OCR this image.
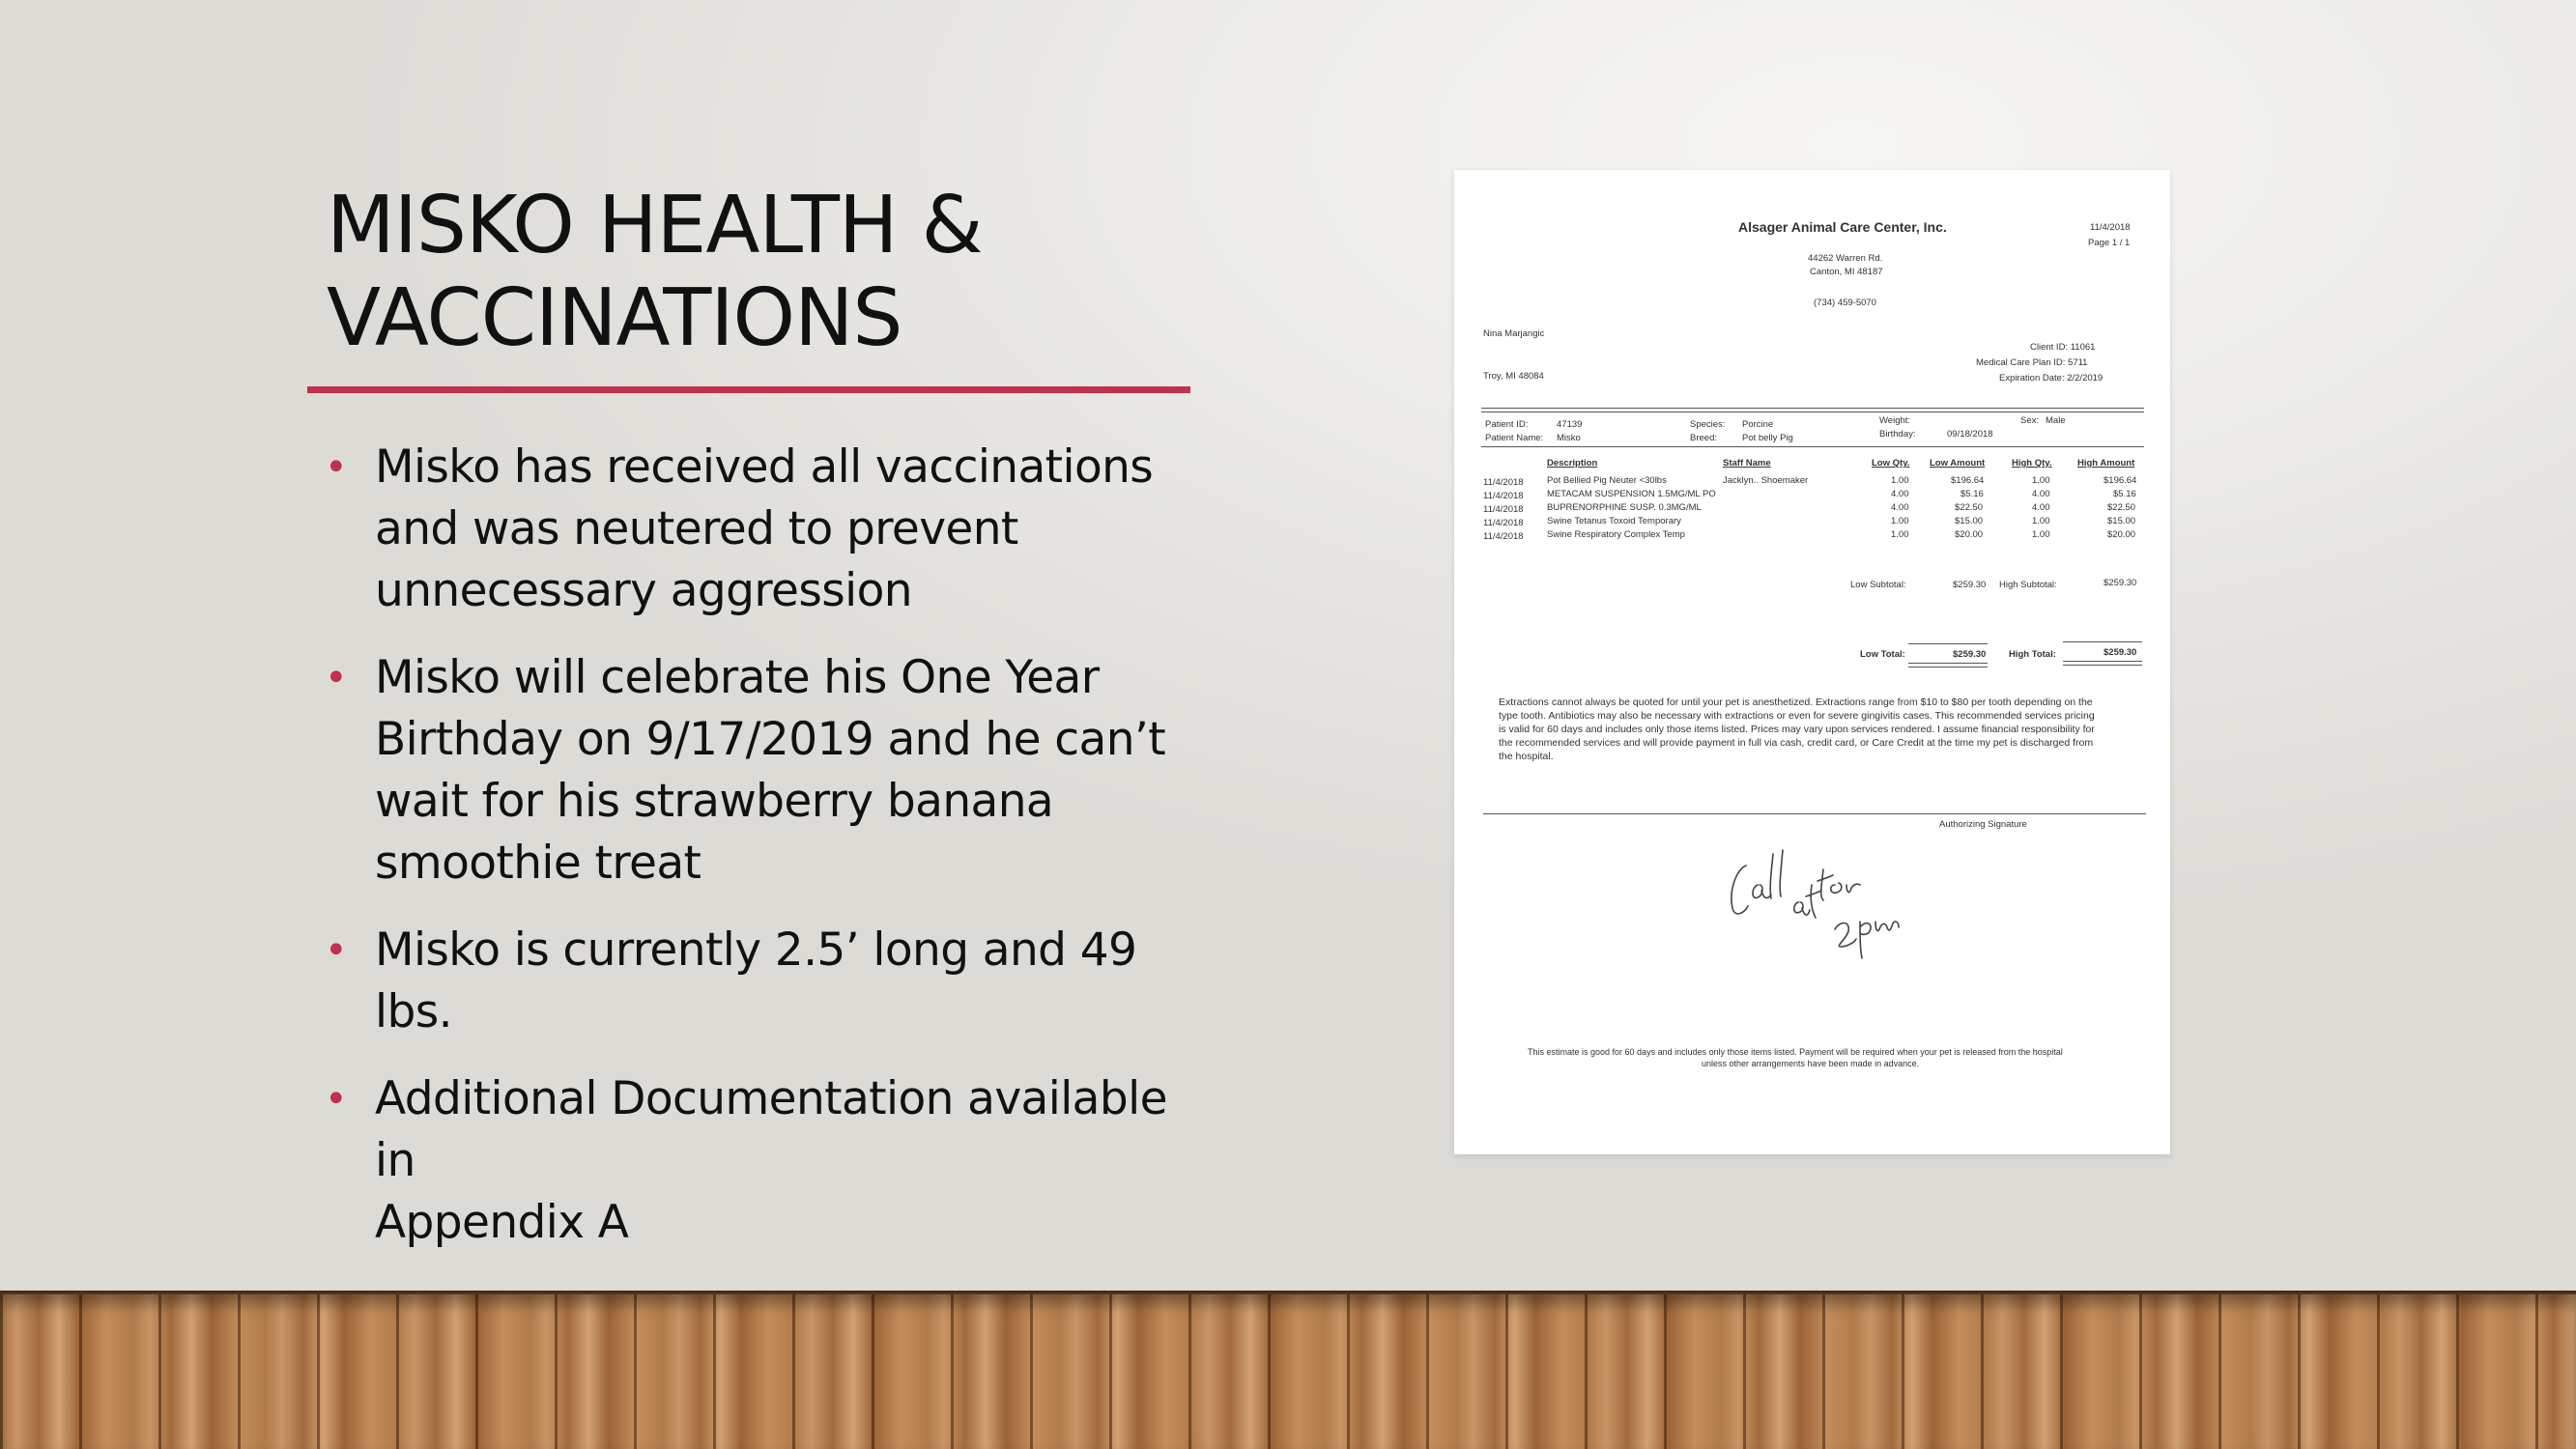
MISKO HEALTH &
VACCINATIONS
• Misko has received all vaccinations
and was neutered to prevent
unnecessary aggression
• Misko will celebrate his One Year
Birthday on 9/17/2019 and he can’t
wait for his strawberry banana
smoothie treat
• Misko is currently 2.5’ long and 49 lbs.
• Additional Documentation available in
Appendix A
Alsager Animal Care Center, Inc.	11/4/2018
Page 1 / 1
44262 Warren Rd.
Canton, MI 48187
(734) 459-5070
Nina Marjangic
Troy, MI 48084
Client ID: 11061
Medical Care Plan ID: 5711
Expiration Date: 2/2/2019
Patient ID:	47139
Patient Name: Misko
Species: Porcine
Breed:	Pot belly Pig
Weight:
Birthday:	09/18/2018
Sex: Male
Description	Staff Name	Low Qty. Low Amount	High Qty.	High Amount
11/4/2018	Pot Bellied Pig Neuter <30lbs	Jacklyn.. Shoemaker	1.00	$196.64	1.00	$196.64
11/4/2018	METACAM SUSPENSION 1.5MG/ML PO	4.00	$5.16	4.00	$5.16
11/4/2018	BUPRENORPHINE SUSP. 0.3MG/ML	4.00	$22.50	4.00	$22.50
11/4/2018	Swine Tetanus Toxoid Temporary	1.00	$15.00	1.00	$15.00
11/4/2018	Swine Respiratory Complex Temp	1.00	$20.00	1.00	$20.00
Low Subtotal:	$259.30 High Subtotal:	$259.30
Low Total:	$259.30 High Total:	$259.30
Extractions cannot always be quoted for until your pet is anesthetized. Extractions range from $10 to $80 per tooth depending on the type tooth. Antibiotics may also be necessary with extractions or even for severe gingivitis cases. This recommended services pricing is valid for 60 days and includes only those items listed. Prices may vary upon services rendered. I assume financial responsibility for the recommended services and will provide payment in full via cash, credit card, or Care Credit at the time my pet is discharged from the hospital.
Authorizing Signature
This estimate is good for 60 days and includes only those items listed. Payment will be required when your pet is released from the hospital
unless other arrangements have been made in advance.
